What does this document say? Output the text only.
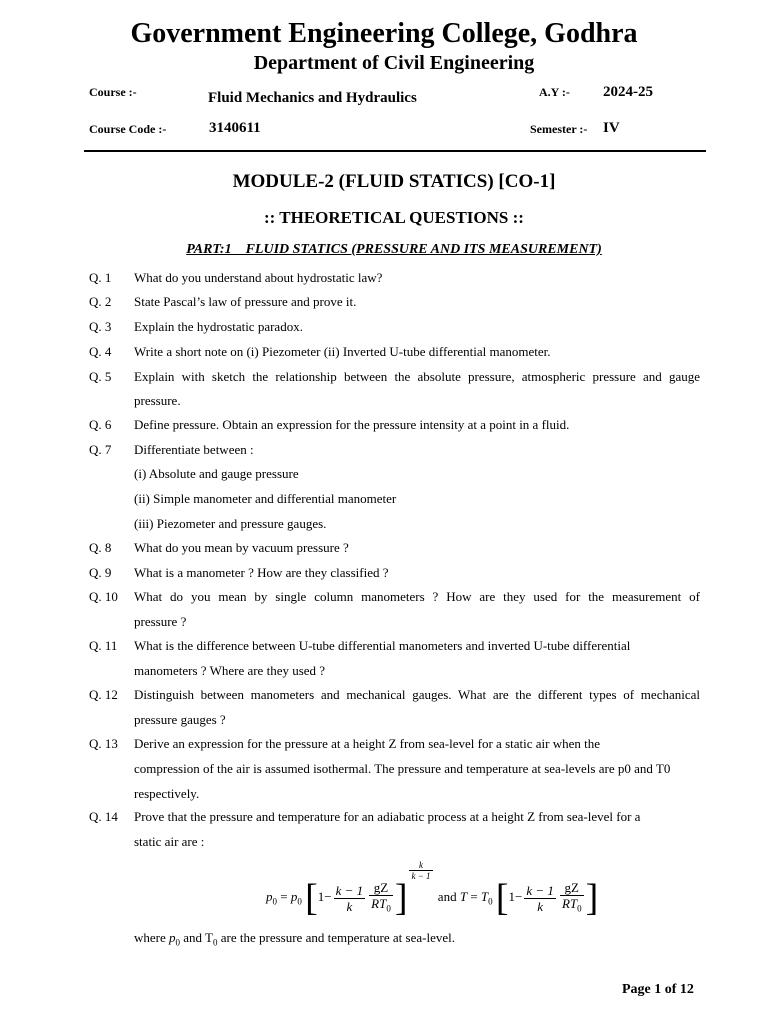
Government Engineering College, Godhra
Department of Civil Engineering
Course :-	Fluid Mechanics and Hydraulics	A.Y :- 2024-25
Course Code :-	3140611	Semester :- IV
MODULE-2 (FLUID STATICS) [CO-1]
:: THEORETICAL QUESTIONS ::
PART:1    FLUID STATICS (PRESSURE AND ITS MEASUREMENT)
Q. 1 What do you understand about hydrostatic law?
Q. 2 State Pascal’s law of pressure and prove it.
Q. 3 Explain the hydrostatic paradox.
Q. 4 Write a short note on (i) Piezometer (ii) Inverted U-tube differential manometer.
Q. 5 Explain with sketch the relationship between the absolute pressure, atmospheric pressure and gauge
pressure.
Q. 6 Define pressure. Obtain an expression for the pressure intensity at a point in a fluid.
Q. 7 Differentiate between :
(i) Absolute and gauge pressure
(ii) Simple manometer and differential manometer
(iii) Piezometer and pressure gauges.
Q. 8 What do you mean by vacuum pressure ?
Q. 9 What is a manometer ? How are they classified ?
Q. 10 What do you mean by single column manometers ? How are they used for the measurement of
pressure ?
Q. 11 What is the difference between U-tube differential manometers and inverted U-tube differential
manometers ? Where are they used ?
Q. 12 Distinguish between manometers and mechanical gauges. What are the different types of mechanical
pressure gauges ?
Q. 13 Derive an expression for the pressure at a height Z from sea-level for a static air when the
compression of the air is assumed isothermal. The pressure and temperature at sea-levels are p0 and T0
respectively.
Q. 14 Prove that the pressure and temperature for an adiabatic process at a height Z from sea-level for a
static air are :
$p_0 = p_0$ [$1- \frac{k - 1}{k} \frac{gZ}{RT_0}$ ]
$\frac{k}{k - 1}$
and $T = T_0$ [$1- \frac{k - 1}{k} \frac{gZ}{RT_0}$ ]
where $p_0$ and $T_0$ are the pressure and temperature at sea-level.
Page 1 of 12
